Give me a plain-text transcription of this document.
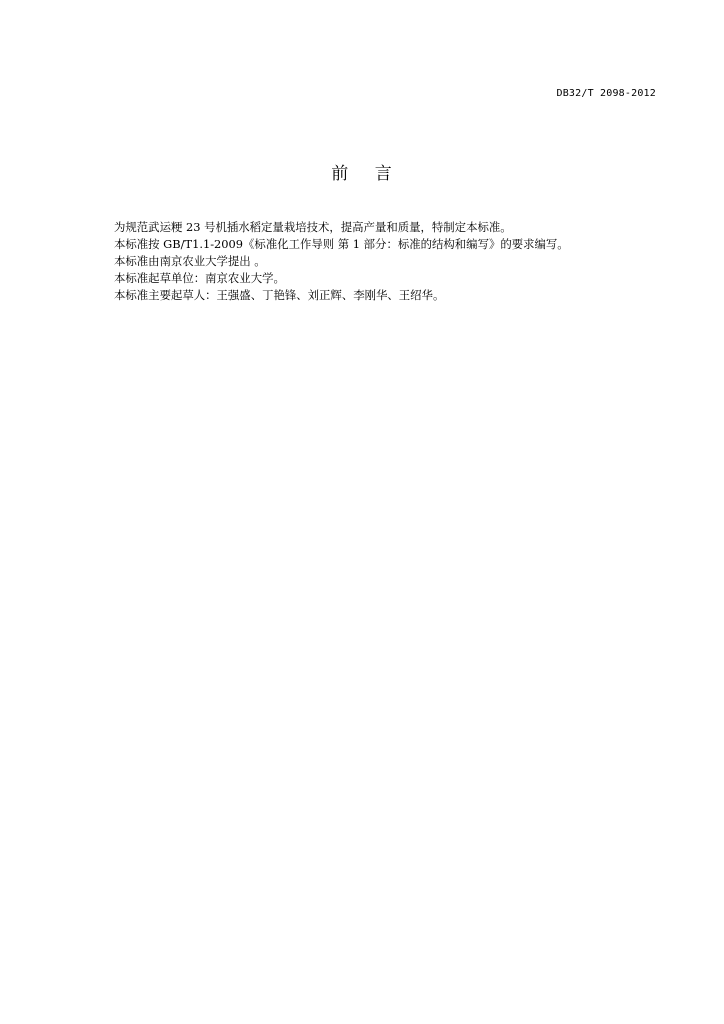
DB32/T 2098-2012
前    言
为规范武运粳 23 号机插水稻定量栽培技术，提高产量和质量，特制定本标准。
本标准按 GB/T1.1-2009《标准化工作导则 第 1 部分：标准的结构和编写》的要求编写。
本标准由南京农业大学提出 。
本标准起草单位：南京农业大学。
本标准主要起草人：王强盛、丁艳锋、刘正辉、李刚华、王绍华。
